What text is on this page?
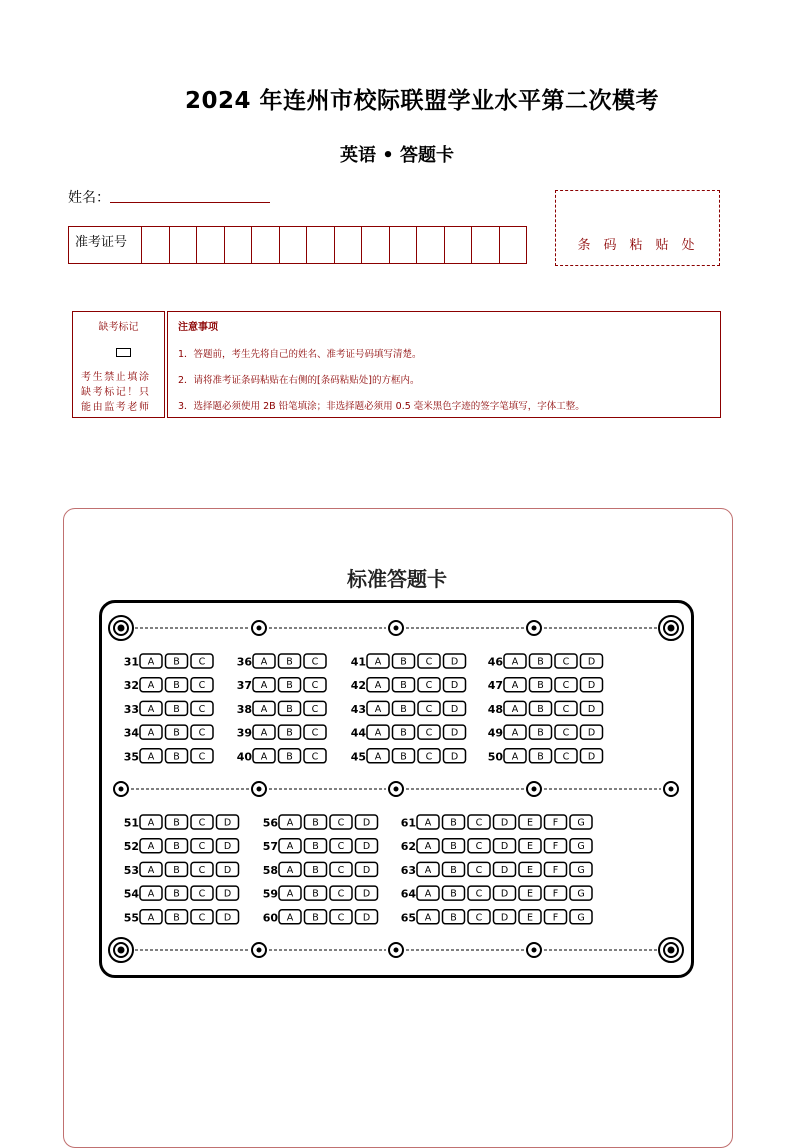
2024 年连州市校际联盟学业水平第二次模考
英语 • 答题卡
姓名：
准考证号	条码粘贴处
缺考标记
考生禁止填涂缺考标记！只能由监考老师
注意事项
1．答题前，考生先将自己的姓名、准考证号码填写清楚。
2．请将准考证条码粘贴在右侧的[条码粘贴处]的方框内。
3．选择题必须使用 2B 铅笔填涂；非选择题必须用 0.5 毫米黑色字迹的签字笔填写，字体工整。
标准答题卡
31 A B C
32 A B C
33 A B C
34 A B C
35 A B C
36 A B C
37 A B C
38 A B C
39 A B C
40 A B C
41 A B C D
42 A B C D
43 A B C D
44 A B C D
45 A B C D
46 A B C D
47 A B C D
48 A B C D
49 A B C D
50 A B C D
51 A B C D
52 A B C D
53 A B C D
54 A B C D
55 A B C D
56 A B C D
57 A B C D
58 A B C D
59 A B C D
60 A B C D
61 A B C D E F G
62 A B C D E F G
63 A B C D E F G
64 A B C D E F G
65 A B C D E F G
